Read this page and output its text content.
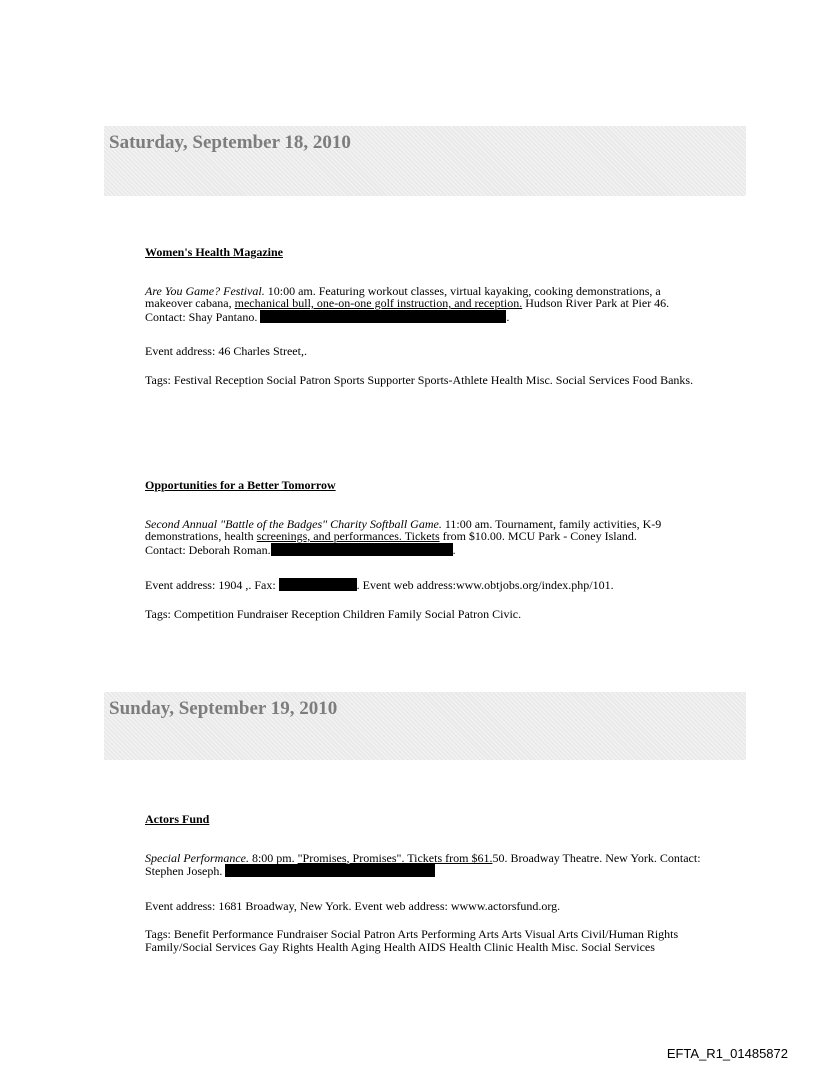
Saturday, September 18, 2010
Women's Health Magazine
Are You Game? Festival. 10:00 am. Featuring workout classes, virtual kayaking, cooking demonstrations, a makeover cabana, mechanical bull, one-on-one golf instruction, and reception. Hudson River Park at Pier 46.
Contact: Shay Pantano.	.
Event address: 46 Charles Street,.
Tags: Festival Reception Social Patron Sports Supporter Sports-Athlete Health Misc. Social Services Food Banks.
Opportunities for a Better Tomorrow
Second Annual "Battle of the Badges" Charity Softball Game. 11:00 am. Tournament, family activities, K-9 demonstrations, health screenings, and performances. Tickets from $10.00. MCU Park - Coney Island.
Contact: Deborah Roman.	.
Event address: 1904 ,. Fax:	. Event web address:www.obtjobs.org/index.php/101.
Tags: Competition Fundraiser Reception Children Family Social Patron Civic.
Sunday, September 19, 2010
Actors Fund
Special Performance. 8:00 pm. "Promises, Promises". Tickets from $61.50. Broadway Theatre. New York. Contact: Stephen Joseph.
Event address: 1681 Broadway, New York. Event web address: wwww.actorsfund.org.
Tags: Benefit Performance Fundraiser Social Patron Arts Performing Arts Arts Visual Arts Civil/Human Rights Family/Social Services Gay Rights Health Aging Health AIDS Health Clinic Health Misc. Social Services
EFTA_R1_01485872
